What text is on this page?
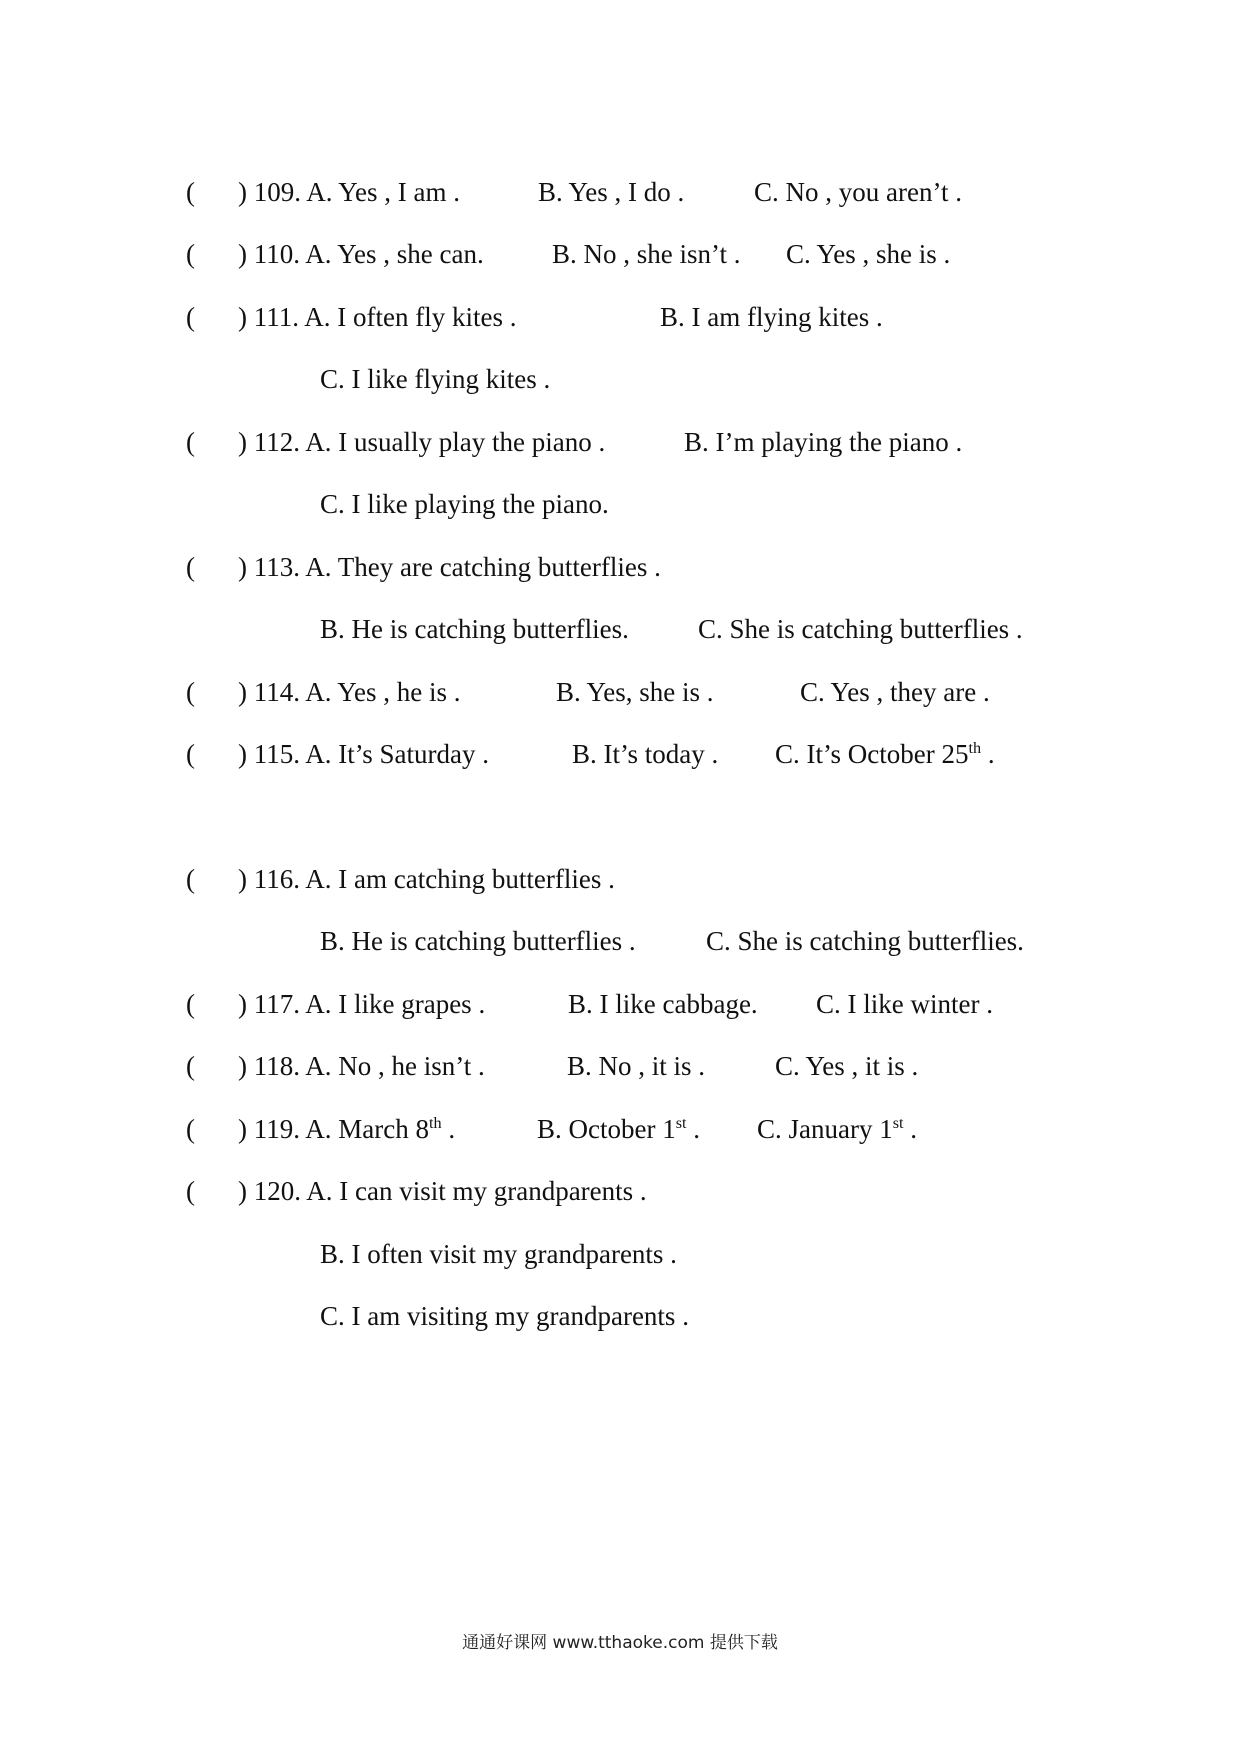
( ) 109. A. Yes , I am .	B. Yes , I do .	C. No , you aren’t .
( ) 110. A. Yes , she can.	B. No , she isn’t . C. Yes , she is .
( ) 111. A. I often fly kites .	B. I am flying kites .
C. I like flying kites .
( ) 112. A. I usually play the piano .	B. I’m playing the piano .
C. I like playing the piano.
( ) 113. A. They are catching butterflies .
B. He is catching butterflies.	C. She is catching butterflies .
( ) 114. A. Yes , he is .	B. Yes, she is .	C. Yes , they are .
( ) 115. A. It’s Saturday .	B. It’s today . C. It’s October 25th .
( ) 116. A. I am catching butterflies .
B. He is catching butterflies .	C. She is catching butterflies.
( ) 117. A. I like grapes .	B. I like cabbage. C. I like winter .
( ) 118. A. No , he isn’t .	B. No , it is .	C. Yes , it is .
( ) 119. A. March 8th .	B. October 1st . C. January 1st .
( ) 120. A. I can visit my grandparents .
B. I often visit my grandparents .
C. I am visiting my grandparents .
通通好课网 www.tthaoke.com 提供下载
